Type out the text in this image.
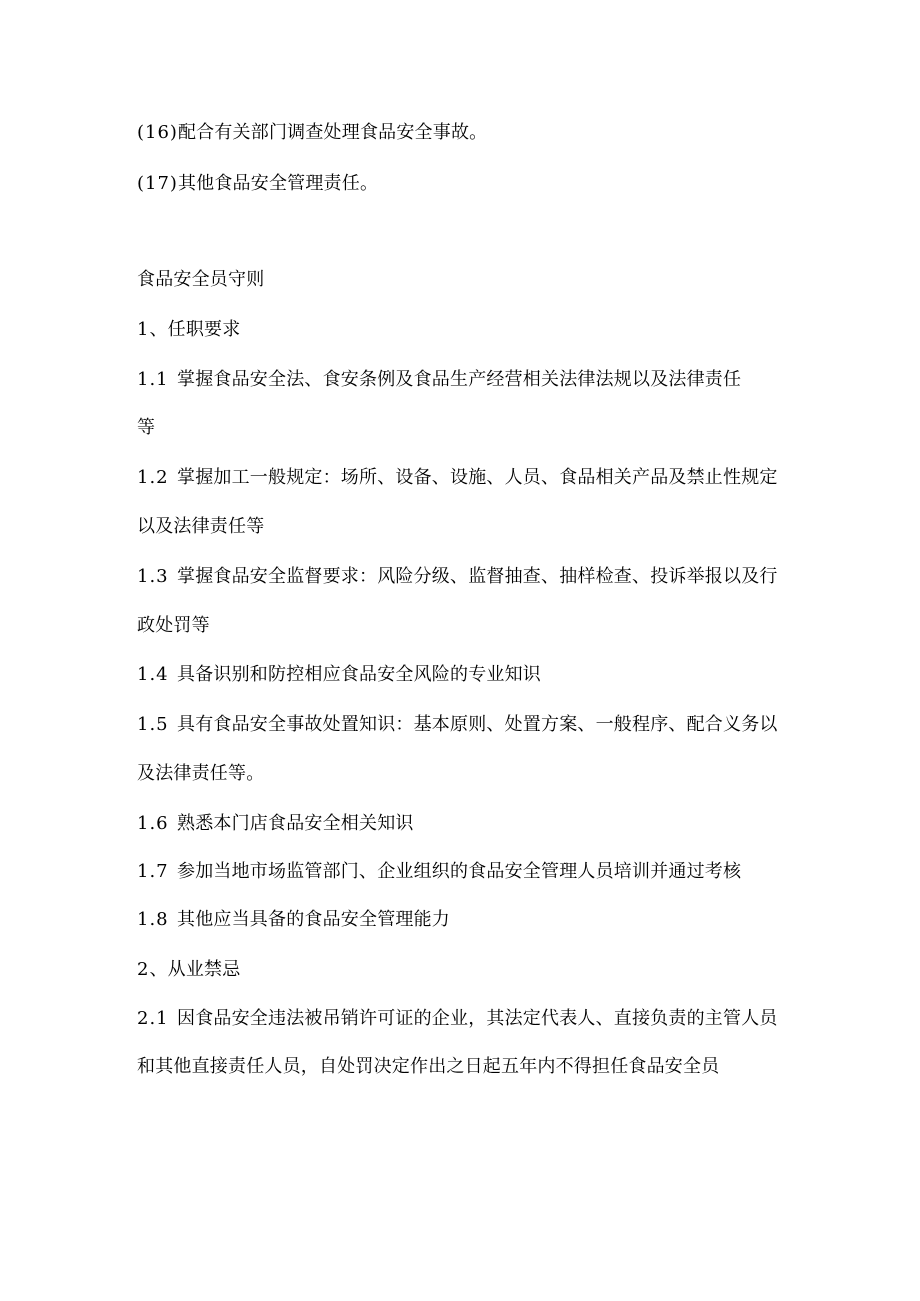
(16)配合有关部门调查处理食品安全事故。
(17)其他食品安全管理责任。
食品安全员守则
1、任职要求
1.1 掌握食品安全法、食安条例及食品生产经营相关法律法规以及法律责任
等
1.2 掌握加工一般规定：场所、设备、设施、人员、食品相关产品及禁止性规定
以及法律责任等
1.3 掌握食品安全监督要求：风险分级、监督抽查、抽样检查、投诉举报以及行
政处罚等
1.4 具备识别和防控相应食品安全风险的专业知识
1.5 具有食品安全事故处置知识：基本原则、处置方案、一般程序、配合义务以
及法律责任等。
1.6 熟悉本门店食品安全相关知识
1.7 参加当地市场监管部门、企业组织的食品安全管理人员培训并通过考核
1.8 其他应当具备的食品安全管理能力
2、从业禁忌
2.1 因食品安全违法被吊销许可证的企业，其法定代表人、直接负责的主管人员
和其他直接责任人员，自处罚决定作出之日起五年内不得担任食品安全员
